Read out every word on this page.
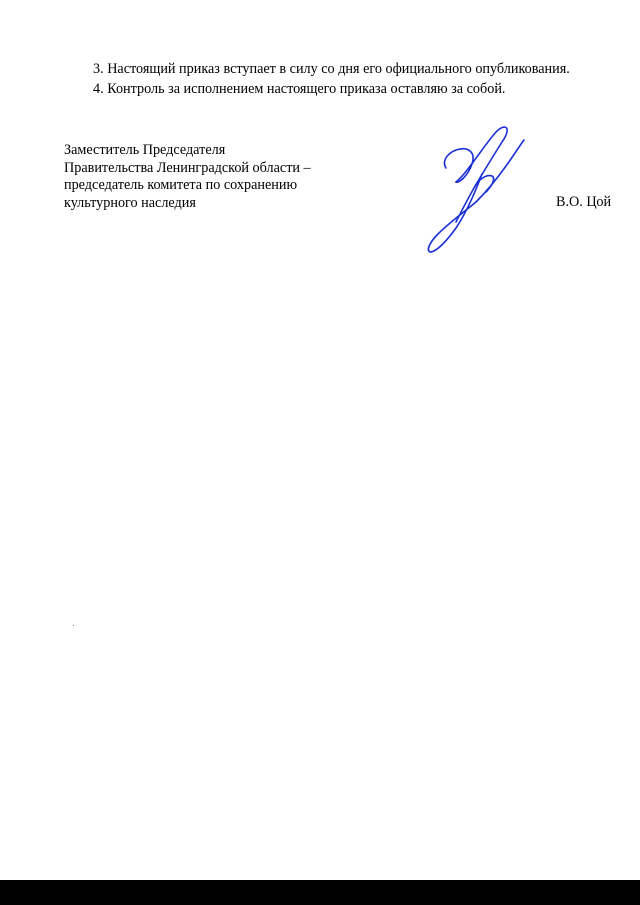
3. Настоящий приказ вступает в силу со дня его официального опубликования.
4. Контроль за исполнением настоящего приказа оставляю за собой.
Заместитель Председателя
Правительства Ленинградской области –
председатель комитета по сохранению
культурного наследия	В.О. Цой
